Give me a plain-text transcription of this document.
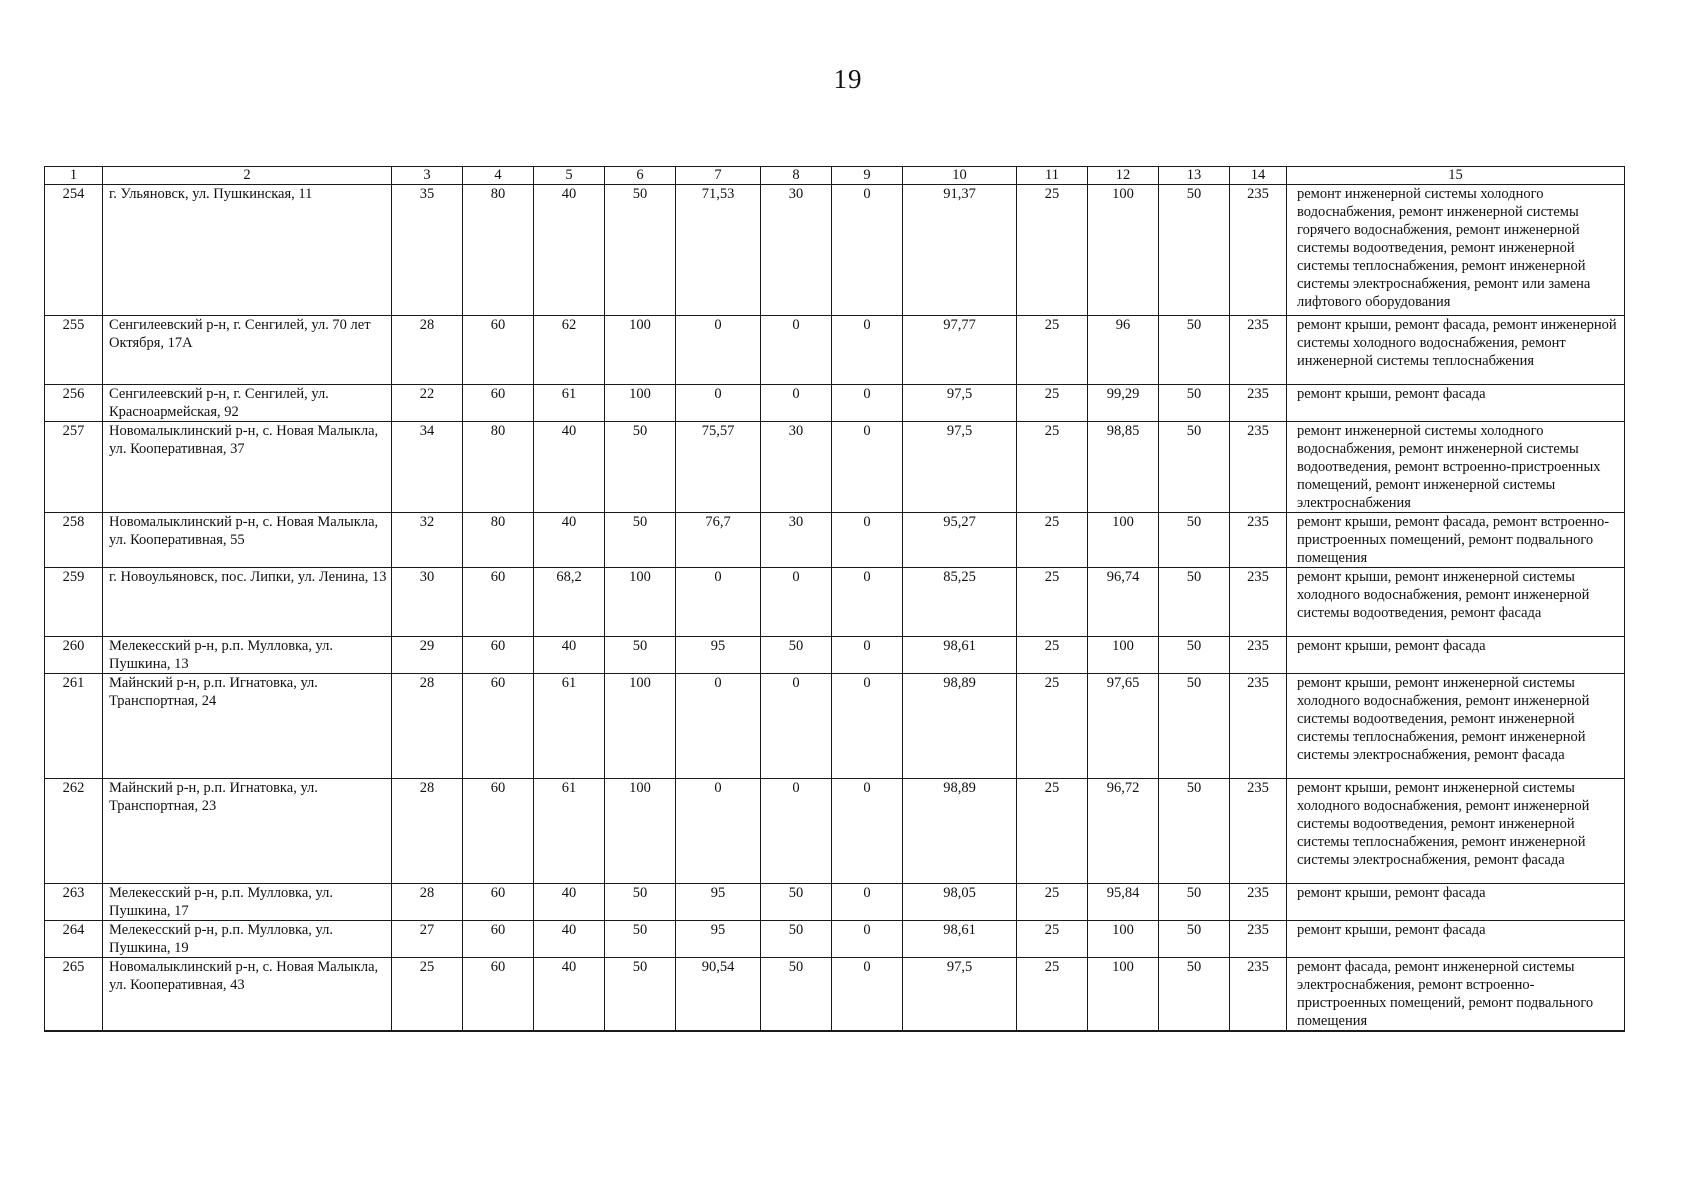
19
1	2	3	4	5	6	7	8	9	10	11	12	13	14	15
254	г. Ульяновск, ул. Пушкинская, 11	35	80	40	50	71,53	30	0	91,37	25	100	50	235	ремонт инженерной системы холодного водоснабжения, ремонт инженерной системы горячего водоснабжения, ремонт инженерной системы водоотведения, ремонт инженерной системы теплоснабжения, ремонт инженерной системы электроснабжения, ремонт или замена лифтового оборудования
255	Сенгилеевский р-н, г. Сенгилей, ул. 70 лет Октября, 17А	28	60	62	100	0	0	0	97,77	25	96	50	235	ремонт крыши, ремонт фасада, ремонт инженерной системы холодного водоснабжения, ремонт инженерной системы теплоснабжения
256	Сенгилеевский р-н, г. Сенгилей, ул. Красноармейская, 92	22	60	61	100	0	0	0	97,5	25	99,29	50	235	ремонт крыши, ремонт фасада
257	Новомалыклинский р-н, с. Новая Малыкла, ул. Кооперативная, 37	34	80	40	50	75,57	30	0	97,5	25	98,85	50	235	ремонт инженерной системы холодного водоснабжения, ремонт инженерной системы водоотведения, ремонт встроенно-пристроенных помещений, ремонт инженерной системы электроснабжения
258	Новомалыклинский р-н, с. Новая Малыкла, ул. Кооперативная, 55	32	80	40	50	76,7	30	0	95,27	25	100	50	235	ремонт крыши, ремонт фасада, ремонт встроенно-пристроенных помещений, ремонт подвального помещения
259	г. Новоульяновск, пос. Липки, ул. Ленина, 13	30	60	68,2	100	0	0	0	85,25	25	96,74	50	235	ремонт крыши, ремонт инженерной системы холодного водоснабжения, ремонт инженерной системы водоотведения, ремонт фасада
260	Мелекесский р-н, р.п. Мулловка, ул. Пушкина, 13	29	60	40	50	95	50	0	98,61	25	100	50	235	ремонт крыши, ремонт фасада
261	Майнский р-н, р.п. Игнатовка, ул. Транспортная, 24	28	60	61	100	0	0	0	98,89	25	97,65	50	235	ремонт крыши, ремонт инженерной системы холодного водоснабжения, ремонт инженерной системы водоотведения, ремонт инженерной системы теплоснабжения, ремонт инженерной системы электроснабжения, ремонт фасада
262	Майнский р-н, р.п. Игнатовка, ул. Транспортная, 23	28	60	61	100	0	0	0	98,89	25	96,72	50	235	ремонт крыши, ремонт инженерной системы холодного водоснабжения, ремонт инженерной системы водоотведения, ремонт инженерной системы теплоснабжения, ремонт инженерной системы электроснабжения, ремонт фасада
263	Мелекесский р-н, р.п. Мулловка, ул. Пушкина, 17	28	60	40	50	95	50	0	98,05	25	95,84	50	235	ремонт крыши, ремонт фасада
264	Мелекесский р-н, р.п. Мулловка, ул. Пушкина, 19	27	60	40	50	95	50	0	98,61	25	100	50	235	ремонт крыши, ремонт фасада
265	Новомалыклинский р-н, с. Новая Малыкла, ул. Кооперативная, 43	25	60	40	50	90,54	50	0	97,5	25	100	50	235	ремонт фасада, ремонт инженерной системы электроснабжения, ремонт встроенно-пристроенных помещений, ремонт подвального помещения
